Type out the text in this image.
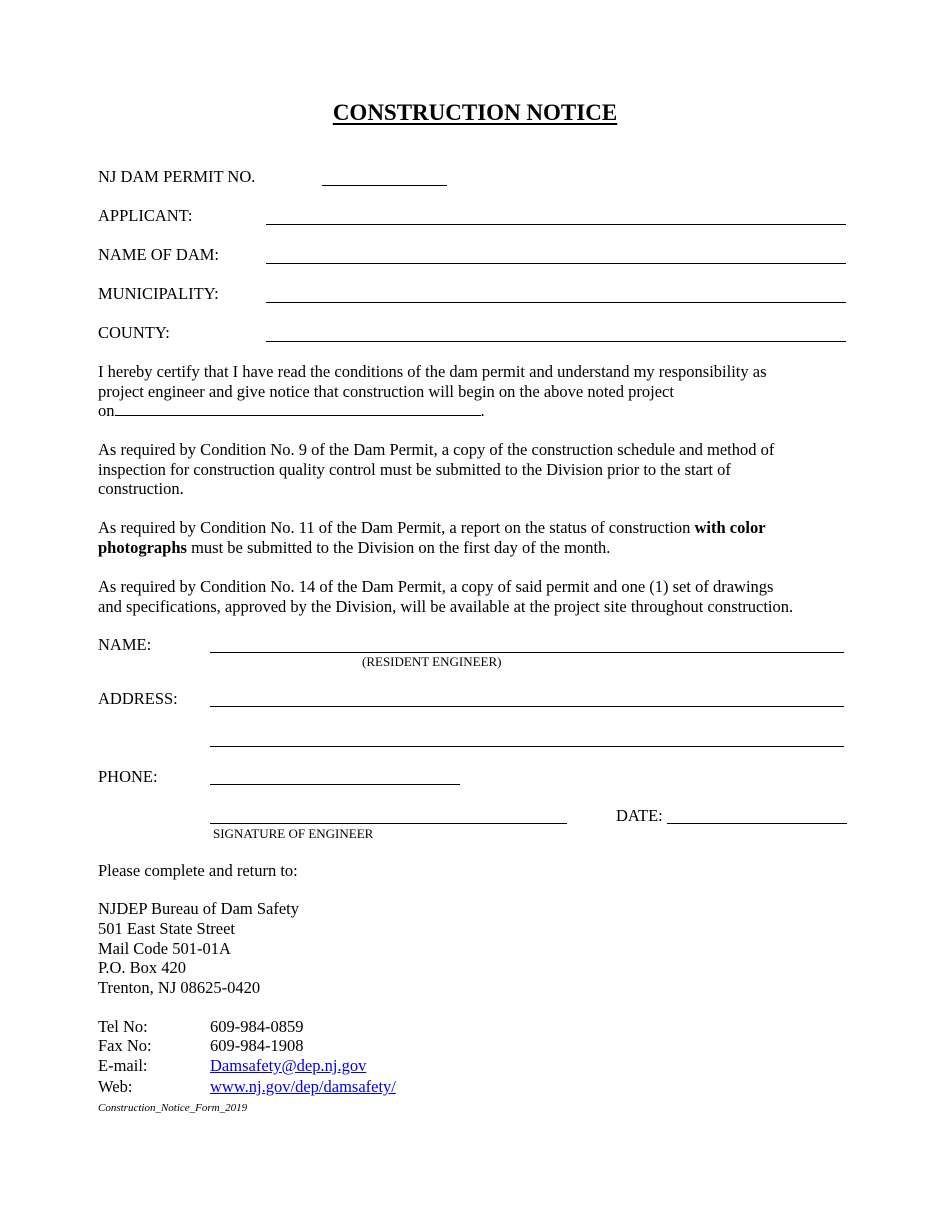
CONSTRUCTION NOTICE
NJ DAM PERMIT NO.
APPLICANT:
NAME OF DAM:
MUNICIPALITY:
COUNTY:
I hereby certify that I have read the conditions of the dam permit and understand my responsibility as
project engineer and give notice that construction will begin on the above noted project
on	.
As required by Condition No. 9 of the Dam Permit, a copy of the construction schedule and method of
inspection for construction quality control must be submitted to the Division prior to the start of
construction.
As required by Condition No. 11 of the Dam Permit, a report on the status of construction with color
photographs must be submitted to the Division on the first day of the month.
As required by Condition No. 14 of the Dam Permit, a copy of said permit and one (1) set of drawings
and specifications, approved by the Division, will be available at the project site throughout construction.
NAME:
(RESIDENT ENGINEER)
ADDRESS:
PHONE:
SIGNATURE OF ENGINEER
DATE:
Please complete and return to:
NJDEP Bureau of Dam Safety
501 East State Street
Mail Code 501-01A
P.O. Box 420
Trenton, NJ 08625-0420
Tel No:	609-984-0859
Fax No:	609-984-1908
E-mail:	Damsafety@dep.nj.gov
Web:	www.nj.gov/dep/damsafety/
Construction_Notice_Form_2019
